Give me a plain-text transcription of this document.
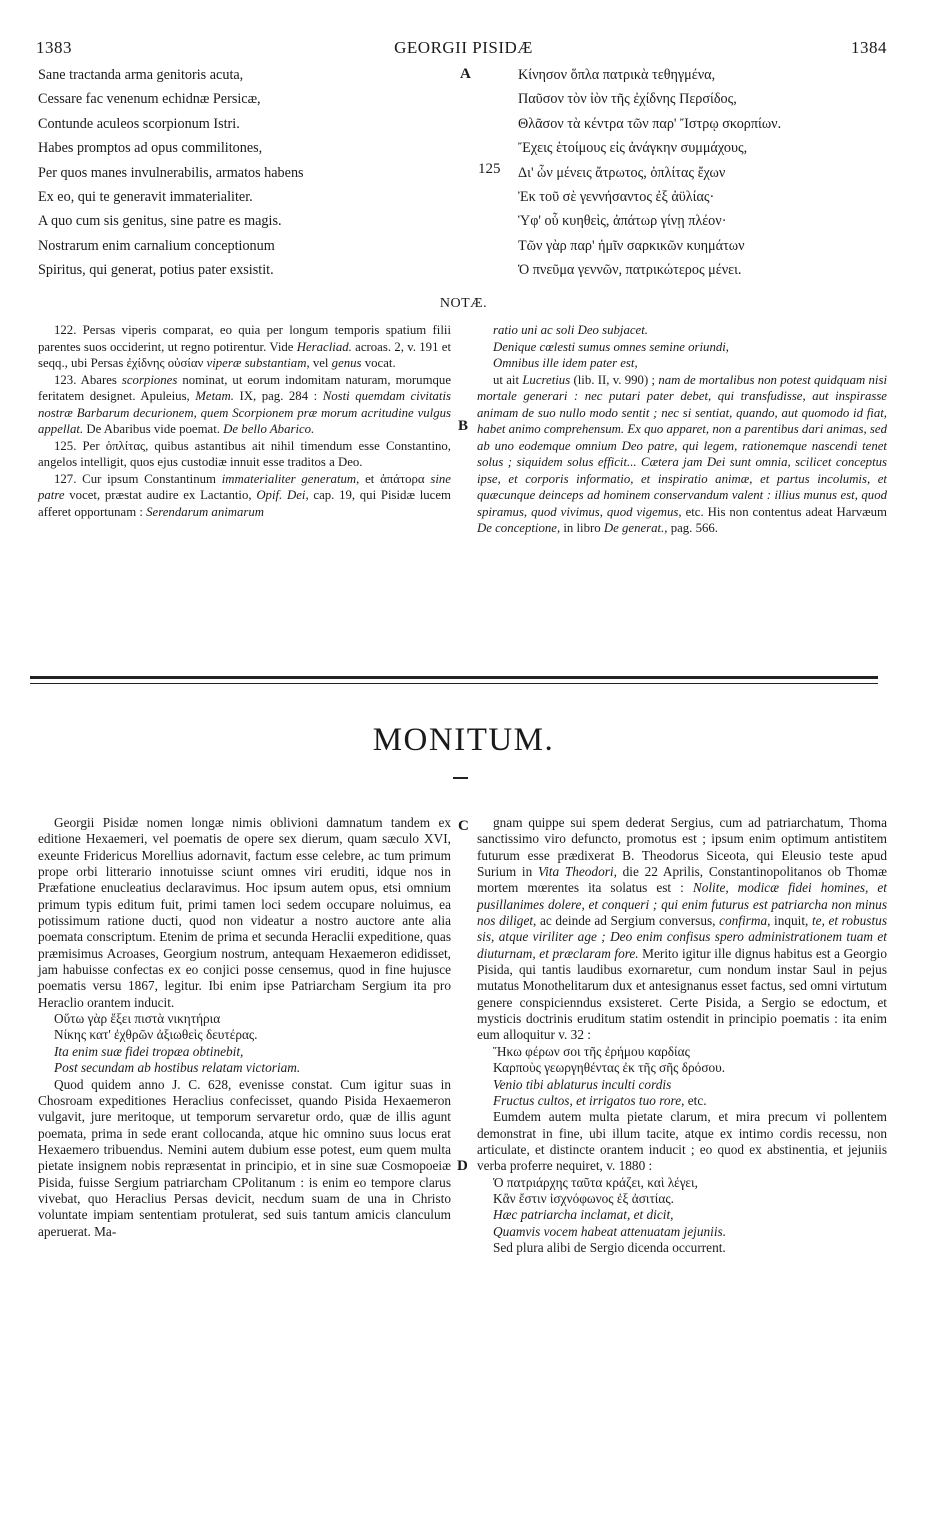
1383	GEORGII PISIDÆ	1384
Sane tractanda arma genitoris acuta,
Cessare fac venenum echidnæ Persicæ,
Contunde aculeos scorpionum Istri.
Habes promptos ad opus commilitones,
Per quos manes invulnerabilis, armatos habens
Ex eo, qui te generavit immaterialiter.
A quo cum sis genitus, sine patre es magis.
Nostrarum enim carnalium conceptionum
Spiritus, qui generat, potius pater exsistit.
A
125
Κίνησον ὅπλα πατρικὰ τεθηγμένα,
Παῦσον τὸν ἰὸν τῆς ἐχίδνης Περσίδος,
Θλᾶσον τὰ κέντρα τῶν παρ' Ἴστρῳ σκορπίων.
Ἔχεις ἑτοίμους εἰς ἀνάγκην συμμάχους,
Δι' ὧν μένεις ἄτρωτος, ὁπλίτας ἔχων
Ἐκ τοῦ σὲ γεννήσαντος ἐξ ἀϋλίας·
Ὑφ' οὗ κυηθεὶς, ἀπάτωρ γίνῃ πλέον·
Τῶν γὰρ παρ' ἡμῖν σαρκικῶν κυημάτων
Ὁ πνεῦμα γεννῶν, πατρικώτερος μένει.
NOTÆ.

122. Persas viperis comparat, eo quia per longum temporis spatium filii parentes suos occiderint, ut regno potirentur. Vide Heracliad. acroas. 2, v. 191 et seqq., ubi Persas ἐχίδνης οὐσίαν viperæ substantiam, vel genus vocat.

123. Abares scorpiones nominat, ut eorum indomitam naturam, morumque feritatem designet. Apuleius, Metam. IX, pag. 284 : Nosti quemdam civitatis nostræ Barbarum decurionem, quem Scorpionem præ morum acritudine vulgus appellat. De Abaribus vide poemat. De bello Abarico.

125. Per ὁπλίτας, quibus astantibus ait nihil timendum esse Constantino, angelos intelligit, quos ejus custodiæ innuit esse traditos a Deo.

127. Cur ipsum Constantinum immaterialiter generatum, et ἀπάτορα sine patre vocet, præstat audire ex Lactantio, Opif. Dei, cap. 19, qui Pisidæ lucem afferet opportunam : Serendarum animarum

B

ratio uni ac soli Deo subjacet.

Denique cœlesti sumus omnes semine oriundi,

Omnibus ille idem pater est,

ut ait Lucretius (lib. II, v. 990) ; nam de mortalibus non potest quidquam nisi mortale generari : nec putari pater debet, qui transfudisse, aut inspirasse animam de suo nullo modo sentit ; nec si sentiat, quando, aut quomodo id fiat, habet animo comprehensum. Ex quo apparet, non a parentibus dari animas, sed ab uno eodemque omnium Deo patre, qui legem, rationemque nascendi tenet solus ; siquidem solus efficit... Cætera jam Dei sunt omnia, scilicet conceptus ipse, et corporis informatio, et inspiratio animæ, et partus incolumis, et quæcunque deinceps ad hominem conservandum valent : illius munus est, quod spiramus, quod vivimus, quod vigemus, etc. His non contentus adeat Harvæum De conceptione, in libro De generat., pag. 566.

MONITUM.

Georgii Pisidæ nomen longæ nimis oblivioni damnatum tandem ex editione Hexaemeri, vel poematis de opere sex dierum, quam sæculo XVI, exeunte Fridericus Morellius adornavit, factum esse celebre, ac tum primum prope orbi litterario innotuisse sciunt omnes viri eruditi, idque nos in Præfatione enucleatius declaravimus. Hoc ipsum autem opus, etsi omnium primum typis editum fuit, primi tamen loci sedem occupare noluimus, ea potissimum ratione ducti, quod non videatur a nostro auctore ante alia poemata conscriptum. Etenim de prima et secunda Heraclii expeditione, quas præmisimus Acroases, Georgium nostrum, antequam Hexaemeron edidisset, jam habuisse confectas ex eo conjici posse censemus, quod in fine hujusce poematis versu 1867, legitur. Ibi enim ipse Patriarcham Sergium ita pro Heraclio orantem inducit.

Οὕτω γὰρ ἕξει πιστὰ νικητήρια

Νίκης κατ' ἐχθρῶν ἀξιωθεὶς δευτέρας.

Ita enim suæ fidei tropæa obtinebit,

Post secundam ab hostibus relatam victoriam.

Quod quidem anno J. C. 628, evenisse constat. Cum igitur suas in Chosroam expeditiones Heraclius confecisset, quando Pisida Hexaemeron vulgavit, jure meritoque, ut temporum servaretur ordo, quæ de illis agunt poemata, prima in sede erant collocanda, atque hic omnino suus locus erat Hexaemero tribuendus. Nemini autem dubium esse potest, eum quem multa pietate insignem nobis repræsentat in principio, et in sine suæ Cosmopoeiæ Pisida, fuisse Sergium patriarcham CPolitanum : is enim eo tempore clarus vivebat, quo Heraclius Persas devicit, necdum suam de una in Christo voluntate impiam sententiam protulerat, sed suis tantum amicis clanculum aperuerat. Ma-

C
D

gnam quippe sui spem dederat Sergius, cum ad patriarchatum, Thoma sanctissimo viro defuncto, promotus est ; ipsum enim optimum antistitem futurum esse prædixerat B. Theodorus Siceota, qui Eleusio teste apud Surium in Vita Theodori, die 22 Aprilis, Constantinopolitanos ob Thomæ mortem mœrentes ita solatus est : Nolite, modicæ fidei homines, et pusillanimes dolere, et conqueri ; qui enim futurus est patriarcha non minus nos diliget, ac deinde ad Sergium conversus, confirma, inquit, te, et robustus sis, atque viriliter age ; Deo enim confisus spero administrationem tuam et diuturnam, et præclaram fore. Merito igitur ille dignus habitus est a Georgio Pisida, qui tantis laudibus exornaretur, cum nondum instar Saul in pejus mutatus Monothelitarum dux et antesignanus esset factus, sed omni virtutum genere conspicienndus exsisteret. Certe Pisida, a Sergio se edoctum, et mysticis doctrinis eruditum statim ostendit in principio poematis : ita enim eum alloquitur v. 32 :

Ἥκω φέρων σοι τῆς ἐρήμου καρδίας

Καρποὺς γεωργηθέντας ἐκ τῆς σῆς δρόσου.

Venio tibi ablaturus inculti cordis

Fructus cultos, et irrigatos tuo rore, etc.

Eumdem autem multa pietate clarum, et mira precum vi pollentem demonstrat in fine, ubi illum tacite, atque ex intimo cordis recessu, non articulate, et distincte orantem inducit ; eo quod ex abstinentia, et jejuniis verba proferre nequiret, v. 1880 :

Ὁ πατριάρχης ταῦτα κράζει, καὶ λέγει,

Κἂν ἔστιν ἰσχνόφωνος ἐξ ἀσιτίας.

Hæc patriarcha inclamat, et dicit,

Quamvis vocem habeat attenuatam jejuniis.

Sed plura alibi de Sergio dicenda occurrent.
